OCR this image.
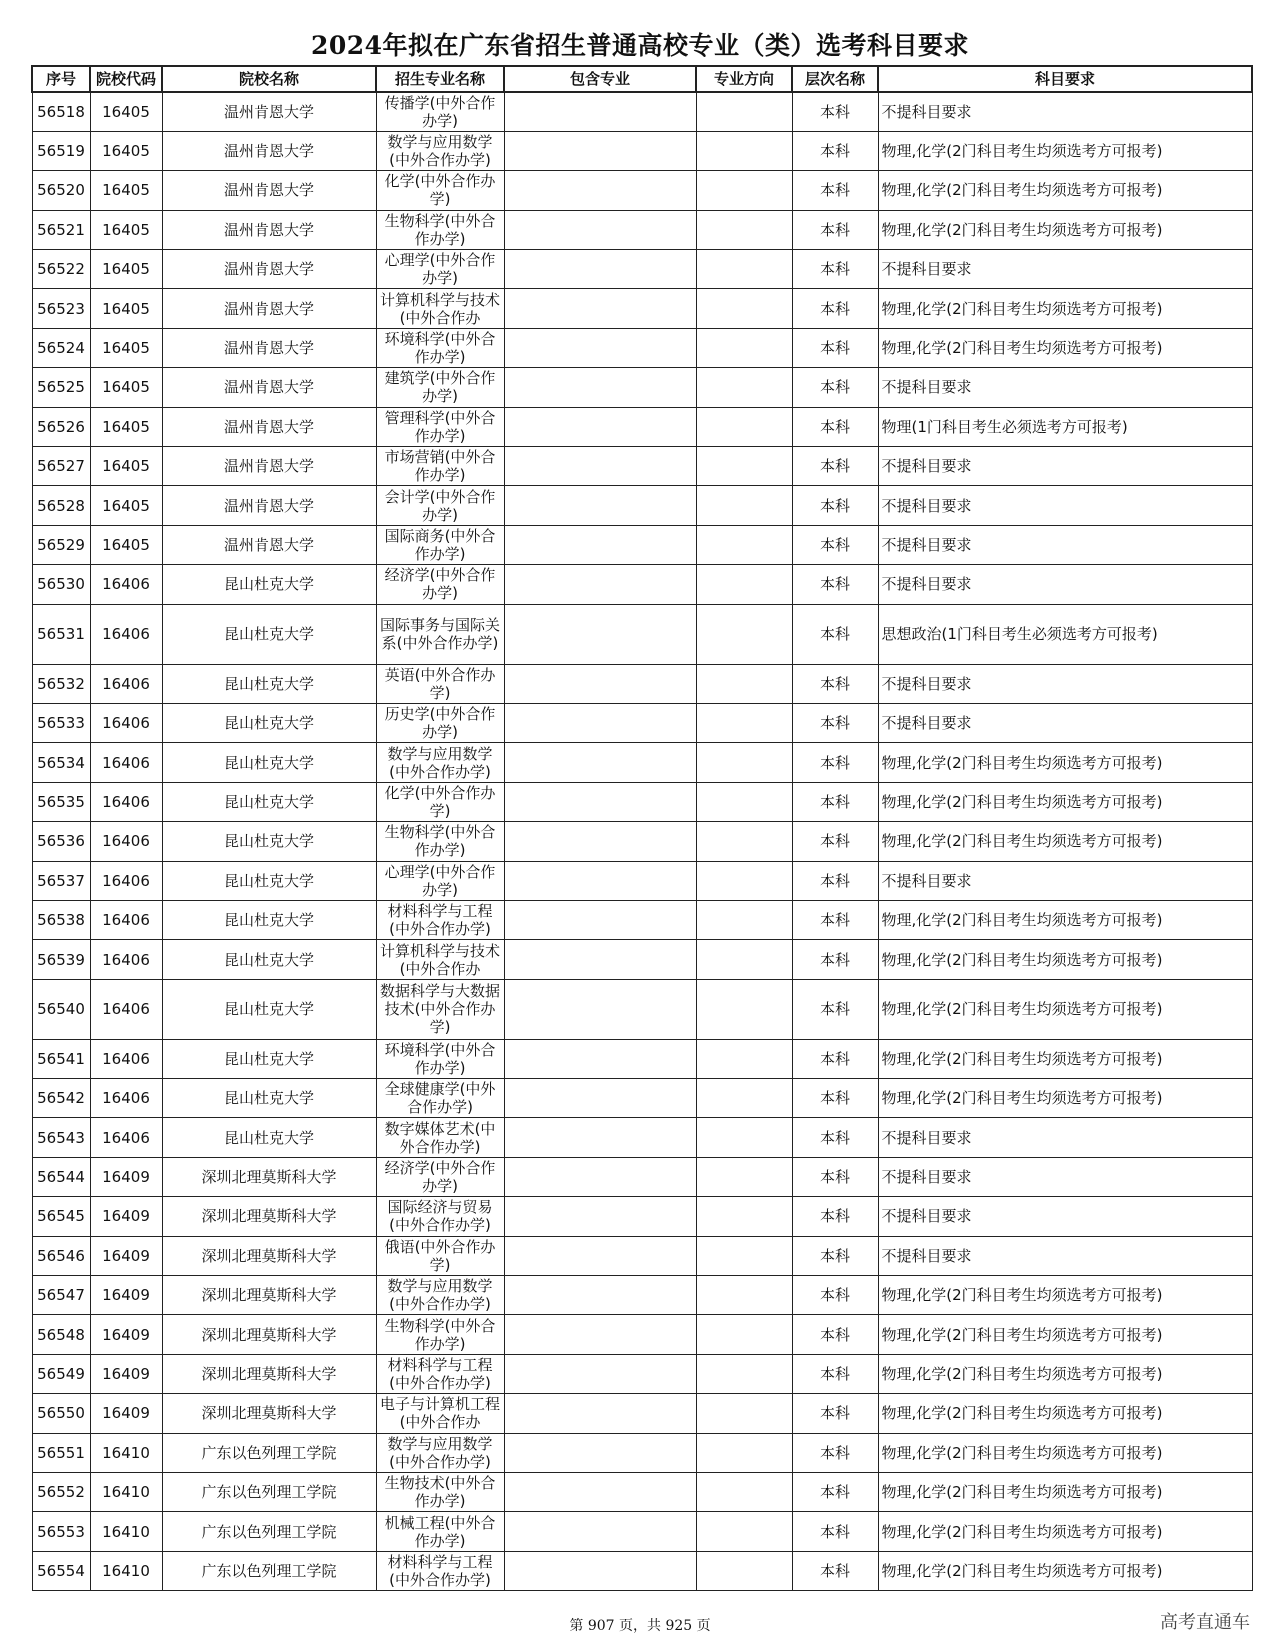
2024年拟在广东省招生普通高校专业（类）选考科目要求
序号	院校代码	院校名称	招生专业名称	包含专业	专业方向	层次名称	科目要求
56518	16405	温州肯恩大学	传播学(中外合作办学)			本科	不提科目要求
56519	16405	温州肯恩大学	数学与应用数学(中外合作办学)			本科	物理,化学(2门科目考生均须选考方可报考)
56520	16405	温州肯恩大学	化学(中外合作办学)			本科	物理,化学(2门科目考生均须选考方可报考)
56521	16405	温州肯恩大学	生物科学(中外合作办学)			本科	物理,化学(2门科目考生均须选考方可报考)
56522	16405	温州肯恩大学	心理学(中外合作办学)			本科	不提科目要求
56523	16405	温州肯恩大学	计算机科学与技术(中外合作办			本科	物理,化学(2门科目考生均须选考方可报考)
56524	16405	温州肯恩大学	环境科学(中外合作办学)			本科	物理,化学(2门科目考生均须选考方可报考)
56525	16405	温州肯恩大学	建筑学(中外合作办学)			本科	不提科目要求
56526	16405	温州肯恩大学	管理科学(中外合作办学)			本科	物理(1门科目考生必须选考方可报考)
56527	16405	温州肯恩大学	市场营销(中外合作办学)			本科	不提科目要求
56528	16405	温州肯恩大学	会计学(中外合作办学)			本科	不提科目要求
56529	16405	温州肯恩大学	国际商务(中外合作办学)			本科	不提科目要求
56530	16406	昆山杜克大学	经济学(中外合作办学)			本科	不提科目要求
56531	16406	昆山杜克大学	国际事务与国际关系(中外合作办学)			本科	思想政治(1门科目考生必须选考方可报考)
56532	16406	昆山杜克大学	英语(中外合作办学)			本科	不提科目要求
56533	16406	昆山杜克大学	历史学(中外合作办学)			本科	不提科目要求
56534	16406	昆山杜克大学	数学与应用数学(中外合作办学)			本科	物理,化学(2门科目考生均须选考方可报考)
56535	16406	昆山杜克大学	化学(中外合作办学)			本科	物理,化学(2门科目考生均须选考方可报考)
56536	16406	昆山杜克大学	生物科学(中外合作办学)			本科	物理,化学(2门科目考生均须选考方可报考)
56537	16406	昆山杜克大学	心理学(中外合作办学)			本科	不提科目要求
56538	16406	昆山杜克大学	材料科学与工程(中外合作办学)			本科	物理,化学(2门科目考生均须选考方可报考)
56539	16406	昆山杜克大学	计算机科学与技术(中外合作办			本科	物理,化学(2门科目考生均须选考方可报考)
56540	16406	昆山杜克大学	数据科学与大数据技术(中外合作办学)			本科	物理,化学(2门科目考生均须选考方可报考)
56541	16406	昆山杜克大学	环境科学(中外合作办学)			本科	物理,化学(2门科目考生均须选考方可报考)
56542	16406	昆山杜克大学	全球健康学(中外合作办学)			本科	物理,化学(2门科目考生均须选考方可报考)
56543	16406	昆山杜克大学	数字媒体艺术(中外合作办学)			本科	不提科目要求
56544	16409	深圳北理莫斯科大学	经济学(中外合作办学)			本科	不提科目要求
56545	16409	深圳北理莫斯科大学	国际经济与贸易(中外合作办学)			本科	不提科目要求
56546	16409	深圳北理莫斯科大学	俄语(中外合作办学)			本科	不提科目要求
56547	16409	深圳北理莫斯科大学	数学与应用数学(中外合作办学)			本科	物理,化学(2门科目考生均须选考方可报考)
56548	16409	深圳北理莫斯科大学	生物科学(中外合作办学)			本科	物理,化学(2门科目考生均须选考方可报考)
56549	16409	深圳北理莫斯科大学	材料科学与工程(中外合作办学)			本科	物理,化学(2门科目考生均须选考方可报考)
56550	16409	深圳北理莫斯科大学	电子与计算机工程(中外合作办			本科	物理,化学(2门科目考生均须选考方可报考)
56551	16410	广东以色列理工学院	数学与应用数学(中外合作办学)			本科	物理,化学(2门科目考生均须选考方可报考)
56552	16410	广东以色列理工学院	生物技术(中外合作办学)			本科	物理,化学(2门科目考生均须选考方可报考)
56553	16410	广东以色列理工学院	机械工程(中外合作办学)			本科	物理,化学(2门科目考生均须选考方可报考)
56554	16410	广东以色列理工学院	材料科学与工程(中外合作办学)			本科	物理,化学(2门科目考生均须选考方可报考)
第 907 页，共 925 页	高考直通车
